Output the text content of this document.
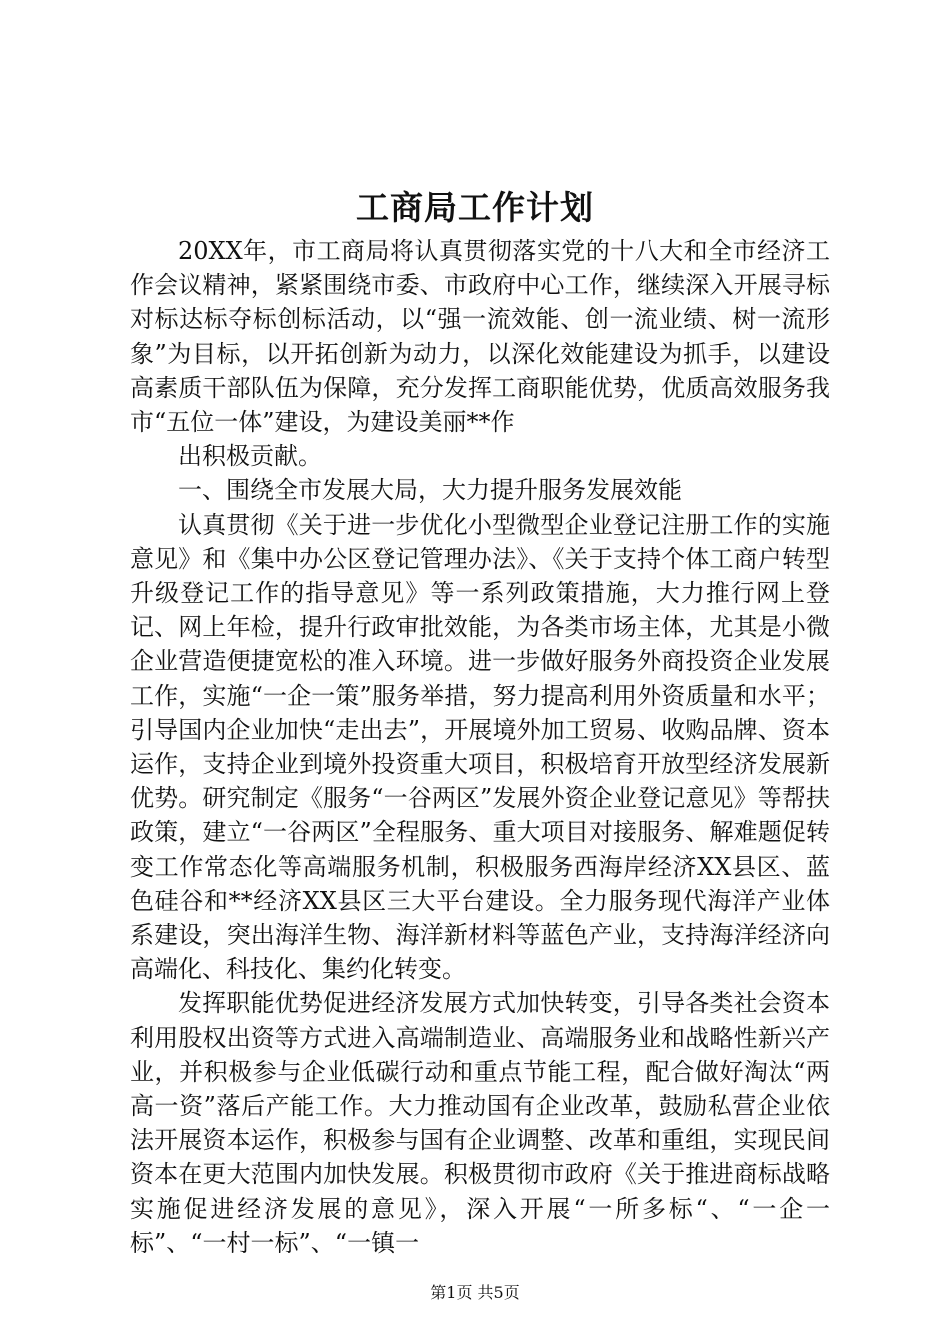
工商局工作计划

20XX年，市工商局将认真贯彻落实党的十八大和全市经济工作会议精神，紧紧围绕市委、市政府中心工作，继续深入开展寻标对标达标夺标创标活动，以“强一流效能、创一流业绩、树一流形象”为目标，以开拓创新为动力，以深化效能建设为抓手，以建设高素质干部队伍为保障，充分发挥工商职能优势，优质高效服务我市“五位一体”建设，为建设美丽**作

出积极贡献。

一、围绕全市发展大局，大力提升服务发展效能

认真贯彻《关于进一步优化小型微型企业登记注册工作的实施意见》和《集中办公区登记管理办法》、《关于支持个体工商户转型升级登记工作的指导意见》等一系列政策措施，大力推行网上登记、网上年检，提升行政审批效能，为各类市场主体，尤其是小微企业营造便捷宽松的准入环境。进一步做好服务外商投资企业发展工作，实施“一企一策”服务举措，努力提高利用外资质量和水平；引导国内企业加快“走出去”，开展境外加工贸易、收购品牌、资本运作，支持企业到境外投资重大项目，积极培育开放型经济发展新优势。研究制定《服务“一谷两区”发展外资企业登记意见》等帮扶政策，建立“一谷两区”全程服务、重大项目对接服务、解难题促转变工作常态化等高端服务机制，积极服务西海岸经济XX县区、蓝色硅谷和**经济XX县区三大平台建设。全力服务现代海洋产业体系建设，突出海洋生物、海洋新材料等蓝色产业，支持海洋经济向高端化、科技化、集约化转变。

发挥职能优势促进经济发展方式加快转变，引导各类社会资本利用股权出资等方式进入高端制造业、高端服务业和战略性新兴产业，并积极参与企业低碳行动和重点节能工程，配合做好淘汰“两高一资”落后产能工作。大力推动国有企业改革，鼓励私营企业依法开展资本运作，积极参与国有企业调整、改革和重组，实现民间资本在更大范围内加快发展。积极贯彻市政府《关于推进商标战略实施促进经济发展的意见》，深入开展“一所多标“、“一企一标”、“一村一标”、“一镇一

第1页 共5页
